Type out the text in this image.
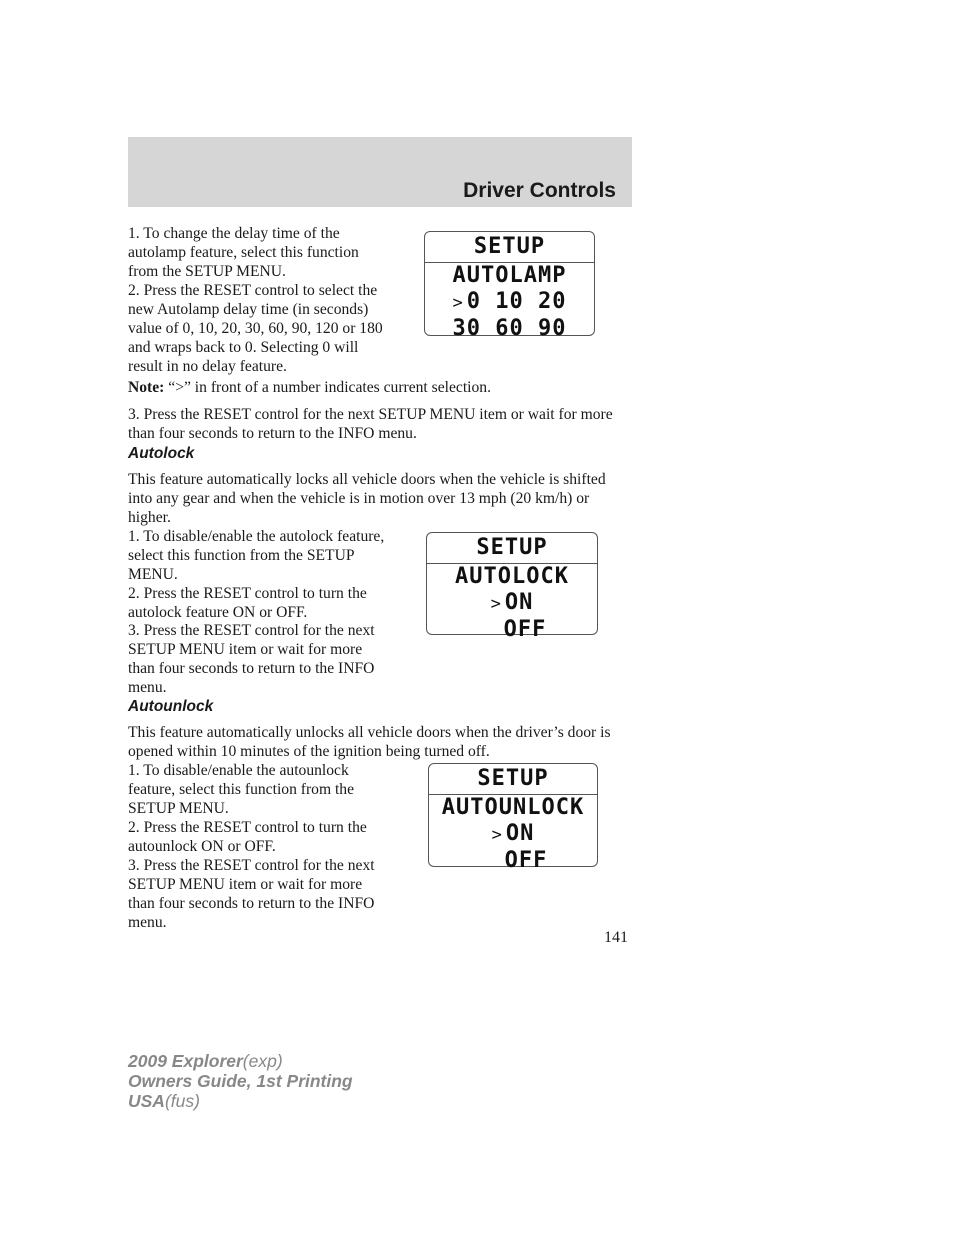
Driver Controls

1. To change the delay time of the autolamp feature, select this function from the SETUP MENU.

2. Press the RESET control to select the new Autolamp delay time (in seconds) value of 0, 10, 20, 30, 60, 90, 120 or 180 and wraps back to 0. Selecting 0 will result in no delay feature.

Note: “>” in front of a number indicates current selection.

3. Press the RESET control for the next SETUP MENU item or wait for more than four seconds to return to the INFO menu.

SETUP
AUTOLAMP
> 0 10 20
30 60 90
Autolock

This feature automatically locks all vehicle doors when the vehicle is shifted into any gear and when the vehicle is in motion over 13 mph (20 km/h) or higher.

1. To disable/enable the autolock feature, select this function from the SETUP MENU.

2. Press the RESET control to turn the autolock feature ON or OFF.

3. Press the RESET control for the next SETUP MENU item or wait for more than four seconds to return to the INFO menu.

SETUP
AUTOLOCK
> ON
OFF
Autounlock

This feature automatically unlocks all vehicle doors when the driver’s door is opened within 10 minutes of the ignition being turned off.

1. To disable/enable the autounlock feature, select this function from the SETUP MENU.

2. Press the RESET control to turn the autounlock ON or OFF.

3. Press the RESET control for the next SETUP MENU item or wait for more than four seconds to return to the INFO menu.

SETUP
AUTOUNLOCK
> ON
OFF
141
2009 Explorer(exp)
Owners Guide, 1st Printing
USA(fus)
